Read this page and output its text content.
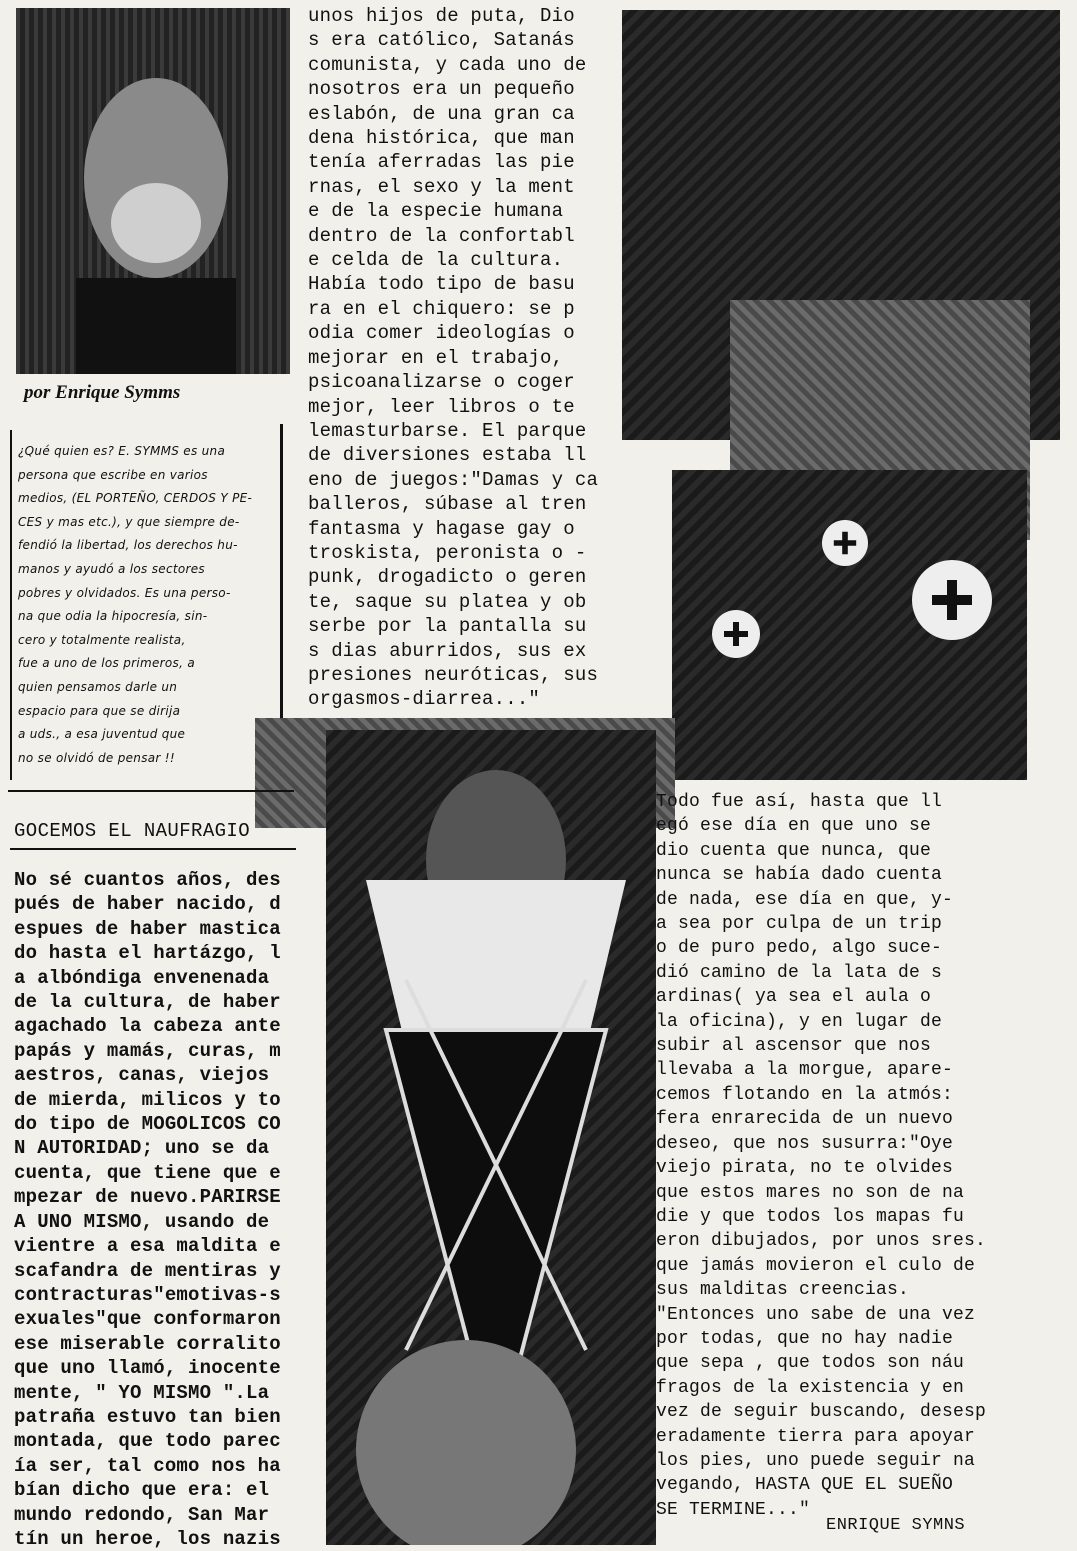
por Enrique Symms
¿Qué quien es? E. SYMMS es una
persona que escribe en varios
medios, (EL PORTEÑO, CERDOS Y PE-
CES y mas etc.), y que siempre de-
fendió la libertad, los derechos hu-
manos y ayudó a los sectores
pobres y olvidados. Es una perso-
na que odia la hipocresía, sin-
cero y totalmente realista,
fue a uno de los primeros, a
quien pensamos darle un
espacio para que se dirija
a uds., a esa juventud que
no se olvidó de pensar !!
unos hijos de puta, Dio
s era católico, Satanás
comunista, y cada uno de
nosotros era un pequeño
eslabón, de una gran ca
dena histórica, que man
tenía aferradas las pie
rnas, el sexo y la ment
e de la especie humana
dentro de la confortabl
e celda de la cultura.
Había todo tipo de basu
ra en el chiquero: se p
odia comer ideologías o
mejorar en el trabajo,
psicoanalizarse o coger
mejor, leer libros o te
lemasturbarse. El parque
de diversiones estaba ll
eno de juegos:"Damas y ca
balleros, súbase al tren
fantasma y hagase gay o
troskista, peronista o -
punk, drogadicto o geren
te, saque su platea y ob
serbe por la pantalla su
s dias aburridos, sus ex
presiones neuróticas, sus
orgasmos-diarrea..."
GOCEMOS EL NAUFRAGIO
No sé cuantos años, des
pués de haber nacido, d
espues de haber mastica
do hasta el hartázgo, l
a albóndiga envenenada
de la cultura, de haber
agachado la cabeza ante
papás y mamás, curas, m
aestros, canas, viejos
de mierda, milicos y to
do tipo de MOGOLICOS CO
N AUTORIDAD; uno se da
cuenta, que tiene que e
mpezar de nuevo.PARIRSE
A UNO MISMO, usando de
vientre a esa maldita e
scafandra de mentiras y
contracturas"emotivas-s
exuales"que conformaron
ese miserable corralito
que uno llamó, inocente
mente, " YO MISMO ".La
patraña estuvo tan bien
montada, que todo parec
ía ser, tal como nos ha
bían dicho que era: el
mundo redondo, San Mar
tín un heroe, los nazis
Todo fue así, hasta que ll
egó ese día en que uno se
dio cuenta que nunca, que
nunca se había dado cuenta
de nada, ese día en que, y-
a sea por culpa de un trip
o de puro pedo, algo suce-
dió camino de la lata de s
ardinas( ya sea el aula o
la oficina), y en lugar de
subir al ascensor que nos
llevaba a la morgue, apare-
cemos flotando en la atmós:
fera enrarecida de un nuevo
deseo, que nos susurra:"Oye
viejo pirata, no te olvides
que estos mares no son de na
die y que todos los mapas fu
eron dibujados, por unos sres.
que jamás movieron el culo de
sus malditas creencias.
"Entonces uno sabe de una vez
por todas, que no hay nadie
que sepa , que todos son náu
fragos de la existencia y en
vez de seguir buscando, desesp
eradamente tierra para apoyar
los pies, uno puede seguir na
vegando, HASTA QUE EL SUEÑO
SE TERMINE..."
ENRIQUE SYMNS
